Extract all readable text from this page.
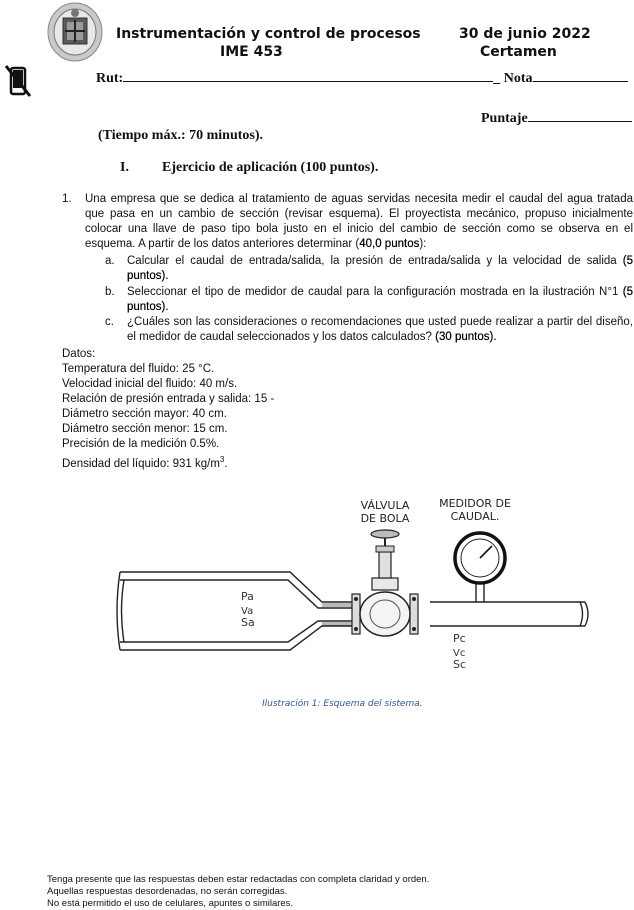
Instrumentación y control de procesos
IME 453
30 de junio 2022
Certamen
Rut:	_ Nota
Puntaje
(Tiempo máx.: 70 minutos).
I. Ejercicio de aplicación (100 puntos).
1. Una empresa que se dedica al tratamiento de aguas servidas necesita medir el caudal del agua tratada que pasa en un cambio de sección (revisar esquema). El proyectista mecánico, propuso inicialmente colocar una llave de paso tipo bola justo en el inicio del cambio de sección como se observa en el esquema. A partir de los datos anteriores determinar (40,0 puntos):
a. Calcular el caudal de entrada/salida, la presión de entrada/salida y la velocidad de salida (5 puntos).
b. Seleccionar el tipo de medidor de caudal para la configuración mostrada en la ilustración N°1 (5 puntos).
c. ¿Cuáles son las consideraciones o recomendaciones que usted puede realizar a partir del diseño, el medidor de caudal seleccionados y los datos calculados? (30 puntos).
Datos:
Temperatura del fluido: 25 °C.
Velocidad inicial del fluido: 40 m/s.
Relación de presión entrada y salida: 15 -
Diámetro sección mayor: 40 cm.
Diámetro sección menor: 15 cm.
Precisión de la medición 0.5%.
Densidad del líquido: 931 $kg/m^3$.
VÁLVULA
DE BOLA
MEDIDOR DE
CAUDAL.
Pa
Va
Sa
Pc
Vc
Sc
Ilustración 1: Esquema del sistema.
Tenga presente que las respuestas deben estar redactadas con completa claridad y orden.
Aquellas respuestas desordenadas, no serán corregidas.
No está permitido el uso de celulares, apuntes o similares.
